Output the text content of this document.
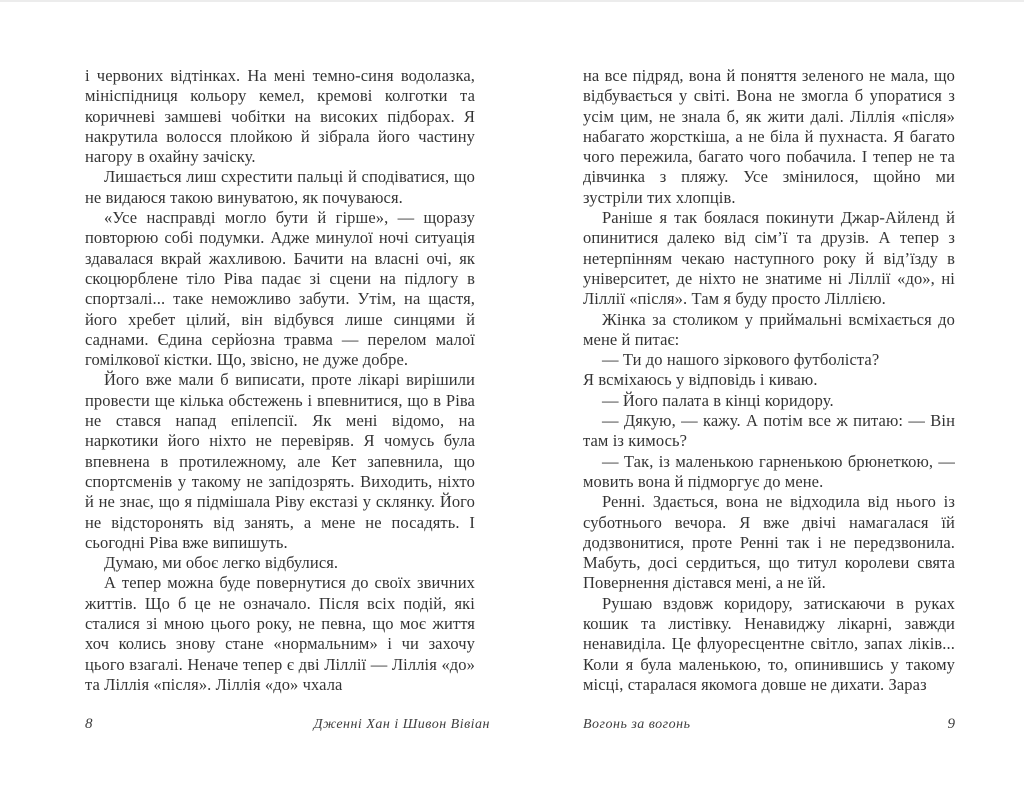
і червоних відтінках. На мені темно-синя водолазка, мініспідниця кольору кемел, кремові колготки та коричневі замшеві чобітки на високих підборах. Я накрутила волосся плойкою й зібрала його частину нагору в охайну зачіску.
Лишається лиш схрестити пальці й сподіватися, що не видаюся такою винуватою, як почуваюся.
«Усе насправді могло бути й гірше», — щоразу повторюю собі подумки. Адже минулої ночі ситуація здавалася вкрай жахливою. Бачити на власні очі, як скоцюрблене тіло Ріва падає зі сцени на підлогу в спортзалі... таке неможливо забути. Утім, на щастя, його хребет цілий, він відбувся лише синцями й саднами. Єдина серйозна травма — перелом малої гомілкової кістки. Що, звісно, не дуже добре.
Його вже мали б виписати, проте лікарі вирішили провести ще кілька обстежень і впевнитися, що в Ріва не стався напад епілепсії. Як мені відомо, на наркотики його ніхто не перевіряв. Я чомусь була впевнена в протилежному, але Кет запевнила, що спортсменів у такому не запідозрять. Виходить, ніхто й не знає, що я підмішала Ріву екстазі у склянку. Його не відсторонять від занять, а мене не посадять. І сьогодні Ріва вже випишуть.
Думаю, ми обоє легко відбулися.
А тепер можна буде повернутися до своїх звичних життів. Що б це не означало. Після всіх подій, які сталися зі мною цього року, не певна, що моє життя хоч колись знову стане «нормальним» і чи захочу цього взагалі. Неначе тепер є дві Ліллії — Ліллія «до» та Ліллія «після». Ліллія «до» чхала
8	Дженні Хан і Шивон Вівіан
на все підряд, вона й поняття зеленого не мала, що відбувається у світі. Вона не змогла б упоратися з усім цим, не знала б, як жити далі. Ліллія «після» набагато жорсткіша, а не біла й пухнаста. Я багато чого пережила, багато чого побачила. І тепер не та дівчинка з пляжу. Усе змінилося, щойно ми зустріли тих хлопців.
Раніше я так боялася покинути Джар-Айленд й опинитися далеко від сім’ї та друзів. А тепер з нетерпінням чекаю наступного року й від’їзду в університет, де ніхто не знатиме ні Ліллії «до», ні Ліллії «після». Там я буду просто Ліллією.
Жінка за столиком у приймальні всміхається до мене й питає:
— Ти до нашого зіркового футболіста?
Я всміхаюсь у відповідь і киваю.
— Його палата в кінці коридору.
— Дякую, — кажу. А потім все ж питаю: — Він там із кимось?
— Так, із маленькою гарненькою брюнеткою, — мовить вона й підморгує до мене.
Ренні. Здається, вона не відходила від нього із суботнього вечора. Я вже двічі намагалася їй додзвонитися, проте Ренні так і не передзвонила. Мабуть, досі сердиться, що титул королеви свята Повернення дістався мені, а не їй.
Рушаю вздовж коридору, затискаючи в руках кошик та листівку. Ненавиджу лікарні, завжди ненавиділа. Це флуоресцентне світло, запах ліків... Коли я була маленькою, то, опинившись у такому місці, старалася якомога довше не дихати. Зараз
Вогонь за вогонь	9
